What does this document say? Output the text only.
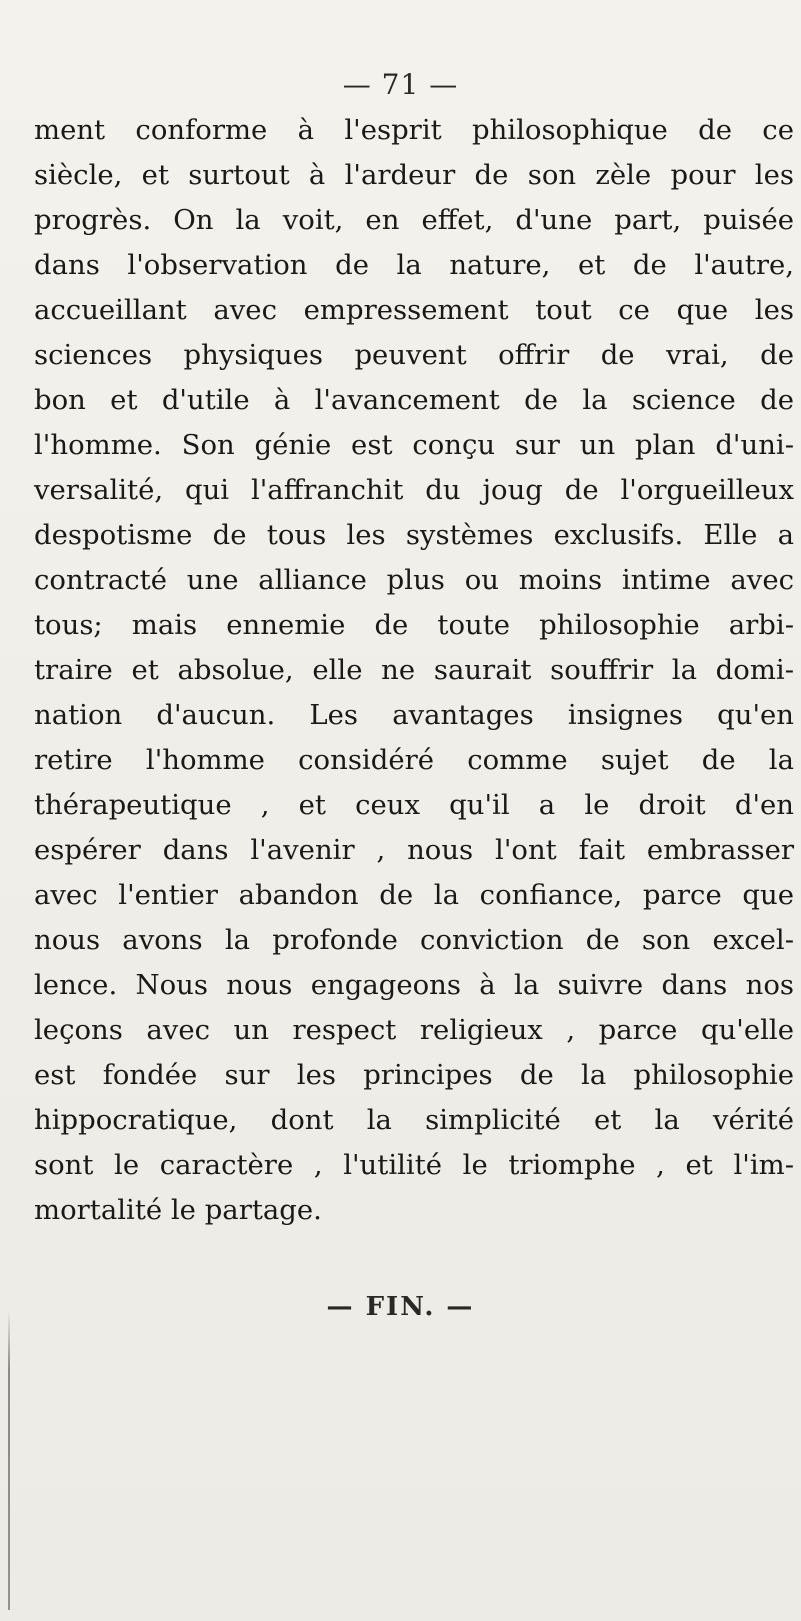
— 71 —
ment conforme à l'esprit philosophique de ce
siècle, et surtout à l'ardeur de son zèle pour les
progrès. On la voit, en effet, d'une part, puisée
dans l'observation de la nature, et de l'autre,
accueillant avec empressement tout ce que les
sciences physiques peuvent offrir de vrai, de
bon et d'utile à l'avancement de la science de
l'homme. Son génie est conçu sur un plan d'uni-
versalité, qui l'affranchit du joug de l'orgueilleux
despotisme de tous les systèmes exclusifs. Elle a
contracté une alliance plus ou moins intime avec
tous; mais ennemie de toute philosophie arbi-
traire et absolue, elle ne saurait souffrir la domi-
nation d'aucun. Les avantages insignes qu'en
retire l'homme considéré comme sujet de la
thérapeutique , et ceux qu'il a le droit d'en
espérer dans l'avenir , nous l'ont fait embrasser
avec l'entier abandon de la confiance, parce que
nous avons la profonde conviction de son excel-
lence. Nous nous engageons à la suivre dans nos
leçons avec un respect religieux , parce qu'elle
est fondée sur les principes de la philosophie
hippocratique, dont la simplicité et la vérité
sont le caractère , l'utilité le triomphe , et l'im-
mortalité le partage.
— FIN. —
